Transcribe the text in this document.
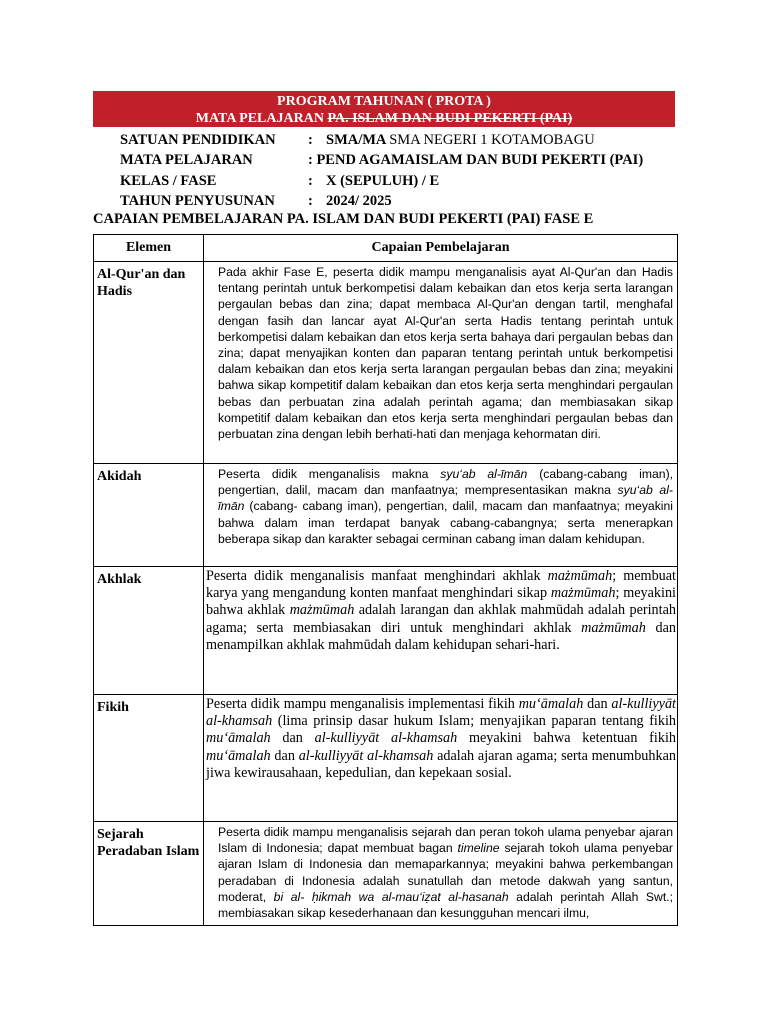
PROGRAM TAHUNAN ( PROTA )
MATA PELAJARAN PA. ISLAM DAN BUDI PEKERTI (PAI)
SATUAN PENDIDIKAN : SMA/MA SMA NEGERI 1 KOTAMOBAGU
MATA PELAJARAN	: PEND AGAMAISLAM DAN BUDI PEKERTI (PAI)
KELAS / FASE	: X (SEPULUH) / E
TAHUN PENYUSUNAN : 2024/ 2025
CAPAIAN PEMBELAJARAN PA. ISLAM DAN BUDI PEKERTI (PAI) FASE E
Elemen	Capaian Pembelajaran
Al-Qur'an dan Hadis	Pada akhir Fase E, peserta didik mampu menganalisis ayat Al-Qur'an dan Hadis tentang perintah untuk berkompetisi dalam kebaikan dan etos kerja serta larangan pergaulan bebas dan zina; dapat membaca Al-Qur'an dengan tartil, menghafal dengan fasih dan lancar ayat Al-Qur'an serta Hadis tentang perintah untuk berkompetisi dalam kebaikan dan etos kerja serta bahaya dari pergaulan bebas dan zina; dapat menyajikan konten dan paparan tentang perintah untuk berkompetisi dalam kebaikan dan etos kerja serta larangan pergaulan bebas dan zina; meyakini bahwa sikap kompetitif dalam kebaikan dan etos kerja serta menghindari pergaulan bebas dan perbuatan zina adalah perintah agama; dan membiasakan sikap kompetitif dalam kebaikan dan etos kerja serta menghindari pergaulan bebas dan perbuatan zina dengan lebih berhati-hati dan menjaga kehormatan diri.
Akidah	Peserta didik menganalisis makna syu‘ab al-īmān (cabang-cabang iman), pengertian, dalil, macam dan manfaatnya; mempresentasikan makna syu‘ab al-īmān (cabang- cabang iman), pengertian, dalil, macam dan manfaatnya; meyakini bahwa dalam iman terdapat banyak cabang-cabangnya; serta menerapkan beberapa sikap dan karakter sebagai cerminan cabang iman dalam kehidupan.
Akhlak	Peserta didik menganalisis manfaat menghindari akhlak mażmūmah; membuat karya yang mengandung konten manfaat menghindari sikap mażmūmah; meyakini bahwa akhlak mażmūmah adalah larangan dan akhlak mahmūdah adalah perintah agama; serta membiasakan diri untuk menghindari akhlak mażmūmah dan menampilkan akhlak mahmūdah dalam kehidupan sehari-hari.
Fikih	Peserta didik mampu menganalisis implementasi fikih mu‘āmalah dan al-kulliyyāt al-khamsah (lima prinsip dasar hukum Islam; menyajikan paparan tentang fikih mu‘āmalah dan al-kulliyyāt al-khamsah meyakini bahwa ketentuan fikih mu‘āmalah dan al-kulliyyāt al-khamsah adalah ajaran agama; serta menumbuhkan jiwa kewirausahaan, kepedulian, dan kepekaan sosial.
Sejarah Peradaban Islam	Peserta didik mampu menganalisis sejarah dan peran tokoh ulama penyebar ajaran Islam di Indonesia; dapat membuat bagan timeline sejarah tokoh ulama penyebar ajaran Islam di Indonesia dan memaparkannya; meyakini bahwa perkembangan peradaban di Indonesia adalah sunatullah dan metode dakwah yang santun, moderat, bi al- ḥikmah wa al-mau‘iẓat al-hasanah adalah perintah Allah Swt.; membiasakan sikap kesederhanaan dan kesungguhan mencari ilmu,
